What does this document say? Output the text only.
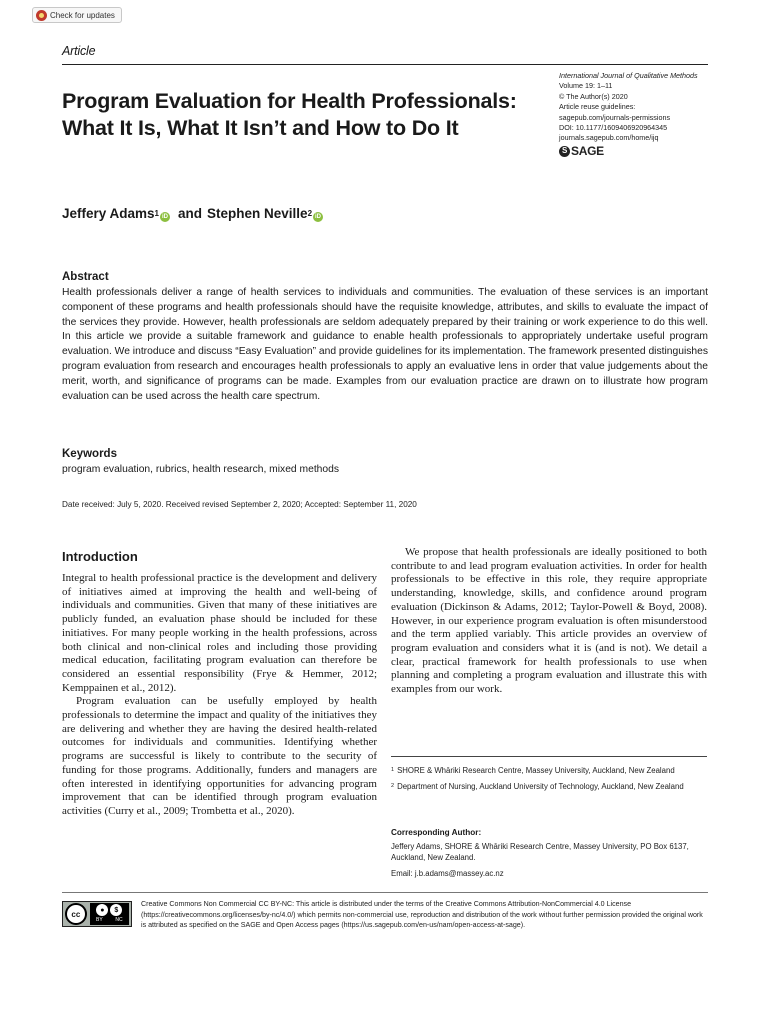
Check for updates
Article
International Journal of Qualitative Methods
Volume 19: 1–11
© The Author(s) 2020
Article reuse guidelines:
sagepub.com/journals-permissions
DOI: 10.1177/1609406920964345
journals.sagepub.com/home/ijq
S SAGE
Program Evaluation for Health Professionals: What It Is, What It Isn’t and How to Do It
Jeffery Adams$^1$ iD and Stephen Neville$^2$ iD
Abstract

Health professionals deliver a range of health services to individuals and communities. The evaluation of these services is an important component of these programs and health professionals should have the requisite knowledge, attributes, and skills to evaluate the impact of the services they provide. However, health professionals are seldom adequately prepared by their training or work experience to do this well. In this article we provide a suitable framework and guidance to enable health professionals to appropriately undertake useful program evaluation. We introduce and discuss “Easy Evaluation” and provide guidelines for its implementation. The framework presented distinguishes program evaluation from research and encourages health professionals to apply an evaluative lens in order that value judgements about the merit, worth, and significance of programs can be made. Examples from our evaluation practice are drawn on to illustrate how program evaluation can be used across the health care spectrum.

Keywords
program evaluation, rubrics, health research, mixed methods
Date received: July 5, 2020. Received revised September 2, 2020; Accepted: September 11, 2020
Introduction

Integral to health professional practice is the development and delivery of initiatives aimed at improving the health and well-being of individuals and communities. Given that many of these initiatives are publicly funded, an evaluation phase should be included for these initiatives. For many people working in the health professions, across both clinical and non-clinical roles and including those providing medical education, facilitating program evaluation can therefore be considered an essential responsibility (Frye & Hemmer, 2012; Kemppainen et al., 2012).

Program evaluation can be usefully employed by health professionals to determine the impact and quality of the initiatives they are delivering and whether they are having the desired health-related outcomes for individuals and communities. Identifying whether programs are successful is likely to contribute to the security of funding for those programs. Additionally, funders and managers are often interested in identifying opportunities for advancing program improvement that can be identified through program evaluation activities (Curry et al., 2009; Trombetta et al., 2020).

We propose that health professionals are ideally positioned to both contribute to and lead program evaluation activities. In order for health professionals to be effective in this role, they require appropriate understanding, knowledge, skills, and confidence around program evaluation (Dickinson & Adams, 2012; Taylor-Powell & Boyd, 2008). However, in our experience program evaluation is often misunderstood and the term applied variably. This article provides an overview of program evaluation and considers what it is (and is not). We detail a clear, practical framework for health professionals to use when planning and completing a program evaluation and illustrate this with examples from our work.

1 SHORE & Whāriki Research Centre, Massey University, Auckland, New Zealand
2 Department of Nursing, Auckland University of Technology, Auckland, New Zealand
Corresponding Author:
Jeffery Adams, SHORE & Whāriki Research Centre, Massey University, PO Box 6137, Auckland, New Zealand.
Email: j.b.adams@massey.ac.nz
cc	●	$
BY	NC

Creative Commons Non Commercial CC BY-NC: This article is distributed under the terms of the Creative Commons Attribution-NonCommercial 4.0 License (https://creativecommons.org/licenses/by-nc/4.0/) which permits non-commercial use, reproduction and distribution of the work without further permission provided the original work is attributed as specified on the SAGE and Open Access pages (https://us.sagepub.com/en-us/nam/open-access-at-sage).
